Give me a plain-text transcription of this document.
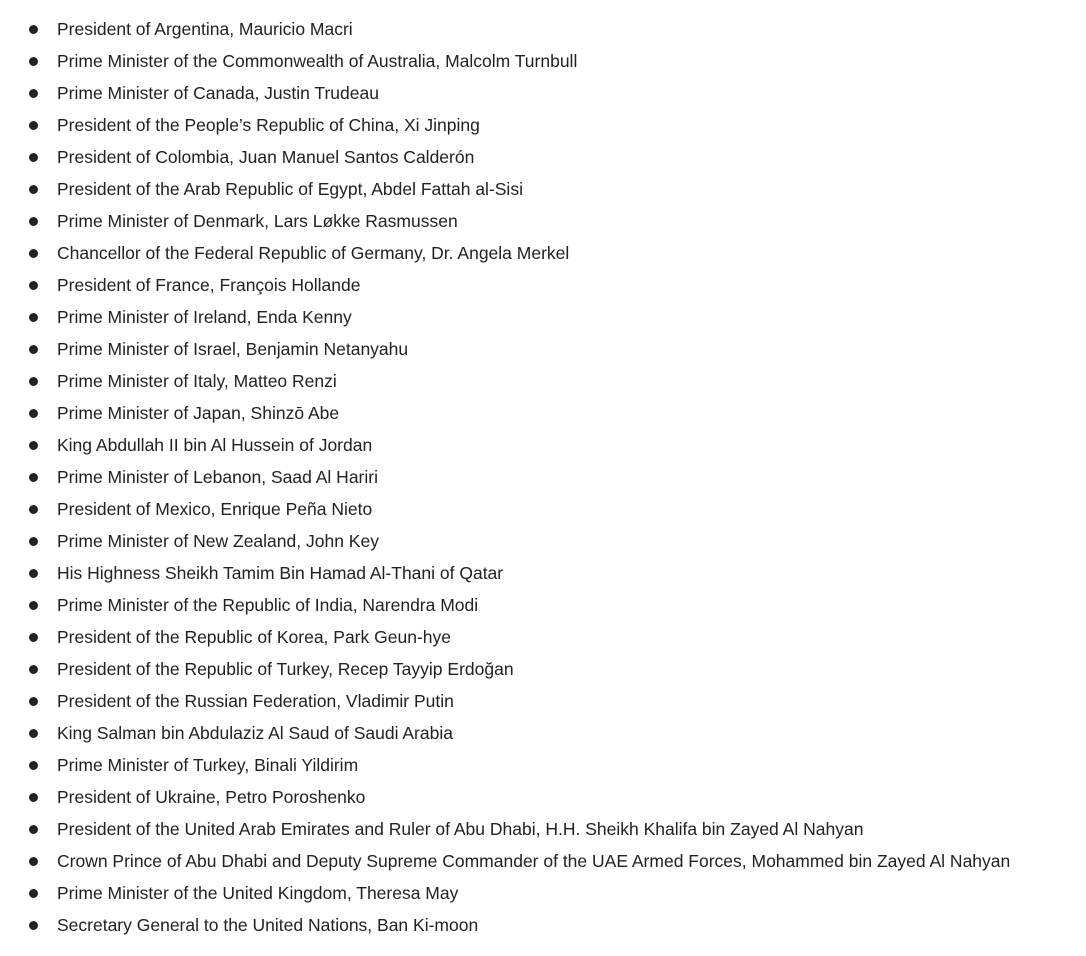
President of Argentina, Mauricio Macri
Prime Minister of the Commonwealth of Australia, Malcolm Turnbull
Prime Minister of Canada, Justin Trudeau
President of the People’s Republic of China, Xi Jinping
President of Colombia, Juan Manuel Santos Calderón
President of the Arab Republic of Egypt, Abdel Fattah al-Sisi
Prime Minister of Denmark, Lars Løkke Rasmussen
Chancellor of the Federal Republic of Germany, Dr. Angela Merkel
President of France, François Hollande
Prime Minister of Ireland, Enda Kenny
Prime Minister of Israel, Benjamin Netanyahu
Prime Minister of Italy, Matteo Renzi
Prime Minister of Japan, Shinzō Abe
King Abdullah II bin Al Hussein of Jordan
Prime Minister of Lebanon, Saad Al Hariri
President of Mexico, Enrique Peña Nieto
Prime Minister of New Zealand, John Key
His Highness Sheikh Tamim Bin Hamad Al-Thani of Qatar
Prime Minister of the Republic of India, Narendra Modi
President of the Republic of Korea, Park Geun-hye
President of the Republic of Turkey, Recep Tayyip Erdoğan
President of the Russian Federation, Vladimir Putin
King Salman bin Abdulaziz Al Saud of Saudi Arabia
Prime Minister of Turkey, Binali Yildirim
President of Ukraine, Petro Poroshenko
President of the United Arab Emirates and Ruler of Abu Dhabi, H.H. Sheikh Khalifa bin Zayed Al Nahyan
Crown Prince of Abu Dhabi and Deputy Supreme Commander of the UAE Armed Forces, Mohammed bin Zayed Al Nahyan
Prime Minister of the United Kingdom, Theresa May
Secretary General to the United Nations, Ban Ki-moon
